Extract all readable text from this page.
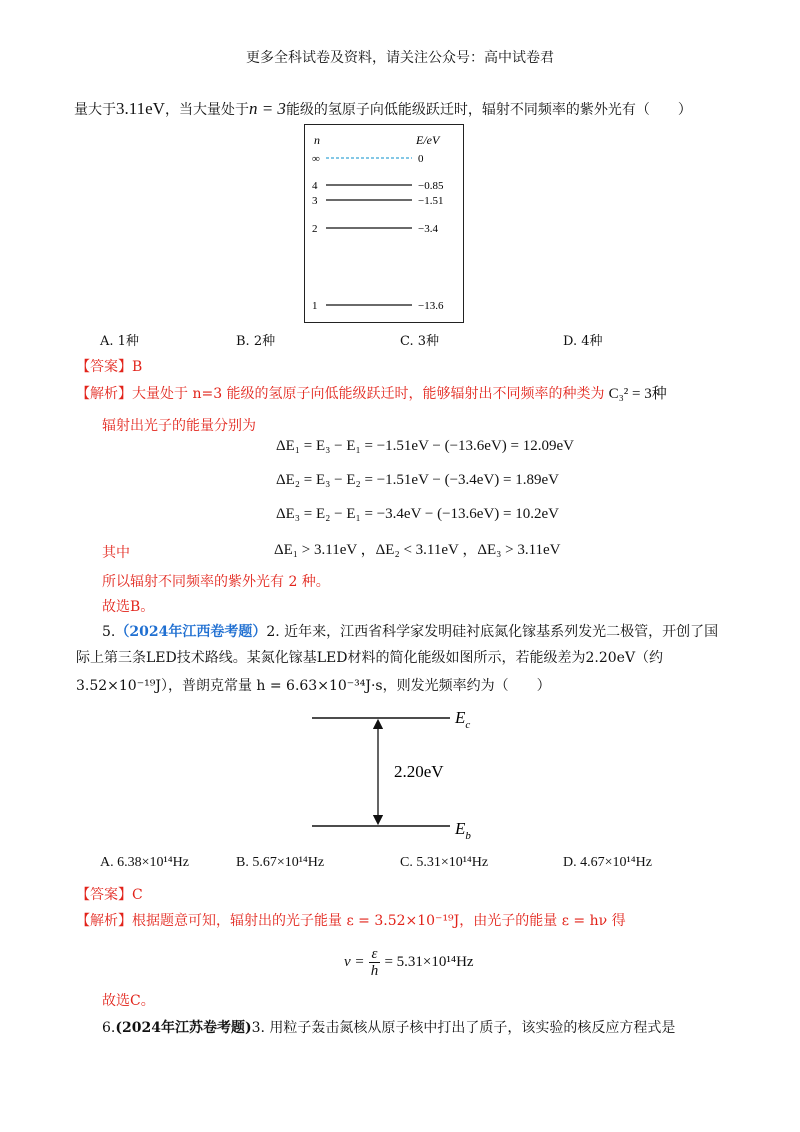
更多全科试卷及资料，请关注公众号：高中试卷君
量大于3.11eV，当大量处于n = 3能级的氢原子向低能级跃迁时，辐射不同频率的紫外光有（　　）
n	E/eV
∞	0
4	−0.85
3	−1.51
2	−3.4
1	−13.6
A. 1种	B. 2种	C. 3种	D. 4种
【答案】B
【解析】大量处于 n=3 能级的氢原子向低能级跃迁时，能够辐射出不同频率的种类为 C₃² = 3种
辐射出光子的能量分别为
ΔE₁ = E₃ − E₁ = −1.51eV − (−13.6eV) = 12.09eV
ΔE₂ = E₃ − E₂ = −1.51eV − (−3.4eV) = 1.89eV
ΔE₃ = E₂ − E₁ = −3.4eV − (−13.6eV) = 10.2eV
其中	ΔE₁ > 3.11eV ，ΔE₂ < 3.11eV ，ΔE₃ > 3.11eV
所以辐射不同频率的紫外光有 2 种。
故选B。
5.（2024年江西卷考题）2. 近年来，江西省科学家发明硅衬底氮化镓基系列发光二极管，开创了国
际上第三条LED技术路线。某氮化镓基LED材料的简化能级如图所示，若能级差为2.20eV（约
3.52×10⁻¹⁹J），普朗克常量 h = 6.63×10⁻³⁴J·s，则发光频率约为（　　）
$E_c$
$E_b$
2.20eV
A. 6.38×10¹⁴Hz	B. 5.67×10¹⁴Hz	C. 5.31×10¹⁴Hz	D. 4.67×10¹⁴Hz
【答案】C
【解析】根据题意可知，辐射出的光子能量 ε = 3.52×10⁻¹⁹J，由光子的能量 ε = hν 得
$\nu = \frac{\varepsilon}{h} = 5.31\times 10^{14}Hz$
故选C。
6.(2024年江苏卷考题)3. 用粒子轰击氮核从原子核中打出了质子，该实验的核反应方程式是
